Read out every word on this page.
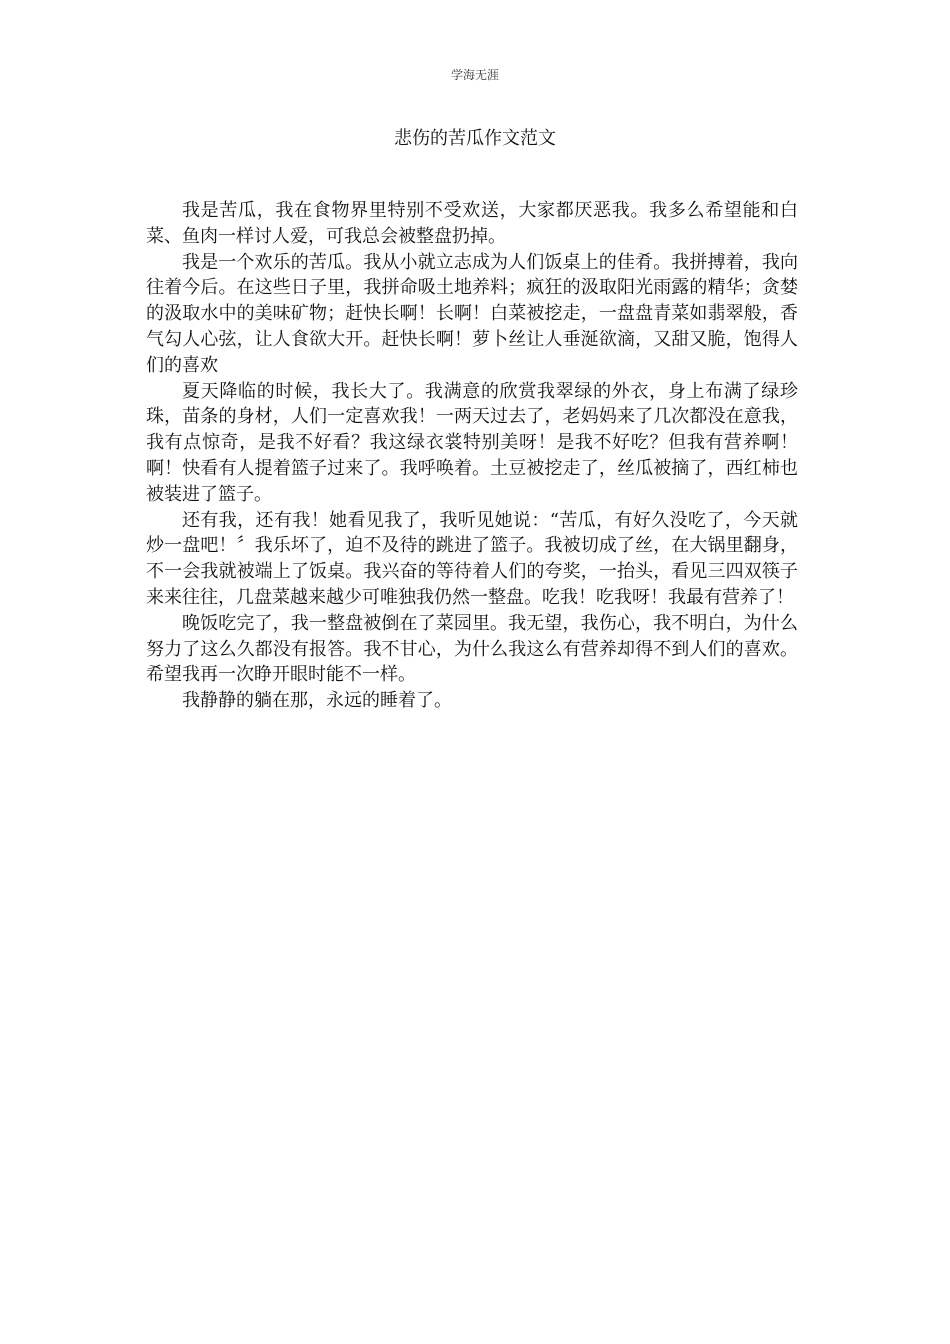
学海无涯
悲伤的苦瓜作文范文

我是苦瓜，我在食物界里特别不受欢送，大家都厌恶我。我多么希望能和白菜、鱼肉一样讨人爱，可我总会被整盘扔掉。

我是一个欢乐的苦瓜。我从小就立志成为人们饭桌上的佳肴。我拼搏着，我向往着今后。在这些日子里，我拼命吸土地养料；疯狂的汲取阳光雨露的精华；贪婪的汲取水中的美味矿物；赶快长啊！长啊！白菜被挖走，一盘盘青菜如翡翠般，香气勾人心弦，让人食欲大开。赶快长啊！萝卜丝让人垂涎欲滴，又甜又脆，饱得人们的喜欢

夏天降临的时候，我长大了。我满意的欣赏我翠绿的外衣，身上布满了绿珍珠，苗条的身材，人们一定喜欢我！一两天过去了，老妈妈来了几次都没在意我，我有点惊奇，是我不好看？我这绿衣裳特别美呀！是我不好吃？但我有营养啊！啊！快看有人提着篮子过来了。我呼唤着。土豆被挖走了，丝瓜被摘了，西红柿也被装进了篮子。

还有我，还有我！她看见我了，我听见她说：“苦瓜，有好久没吃了，今天就炒一盘吧！〞我乐坏了，迫不及待的跳进了篮子。我被切成了丝，在大锅里翻身，不一会我就被端上了饭桌。我兴奋的等待着人们的夸奖，一抬头，看见三四双筷子来来往往，几盘菜越来越少可唯独我仍然一整盘。吃我！吃我呀！我最有营养了！

晚饭吃完了，我一整盘被倒在了菜园里。我无望，我伤心，我不明白，为什么努力了这么久都没有报答。我不甘心，为什么我这么有营养却得不到人们的喜欢。希望我再一次睁开眼时能不一样。

我静静的躺在那，永远的睡着了。
